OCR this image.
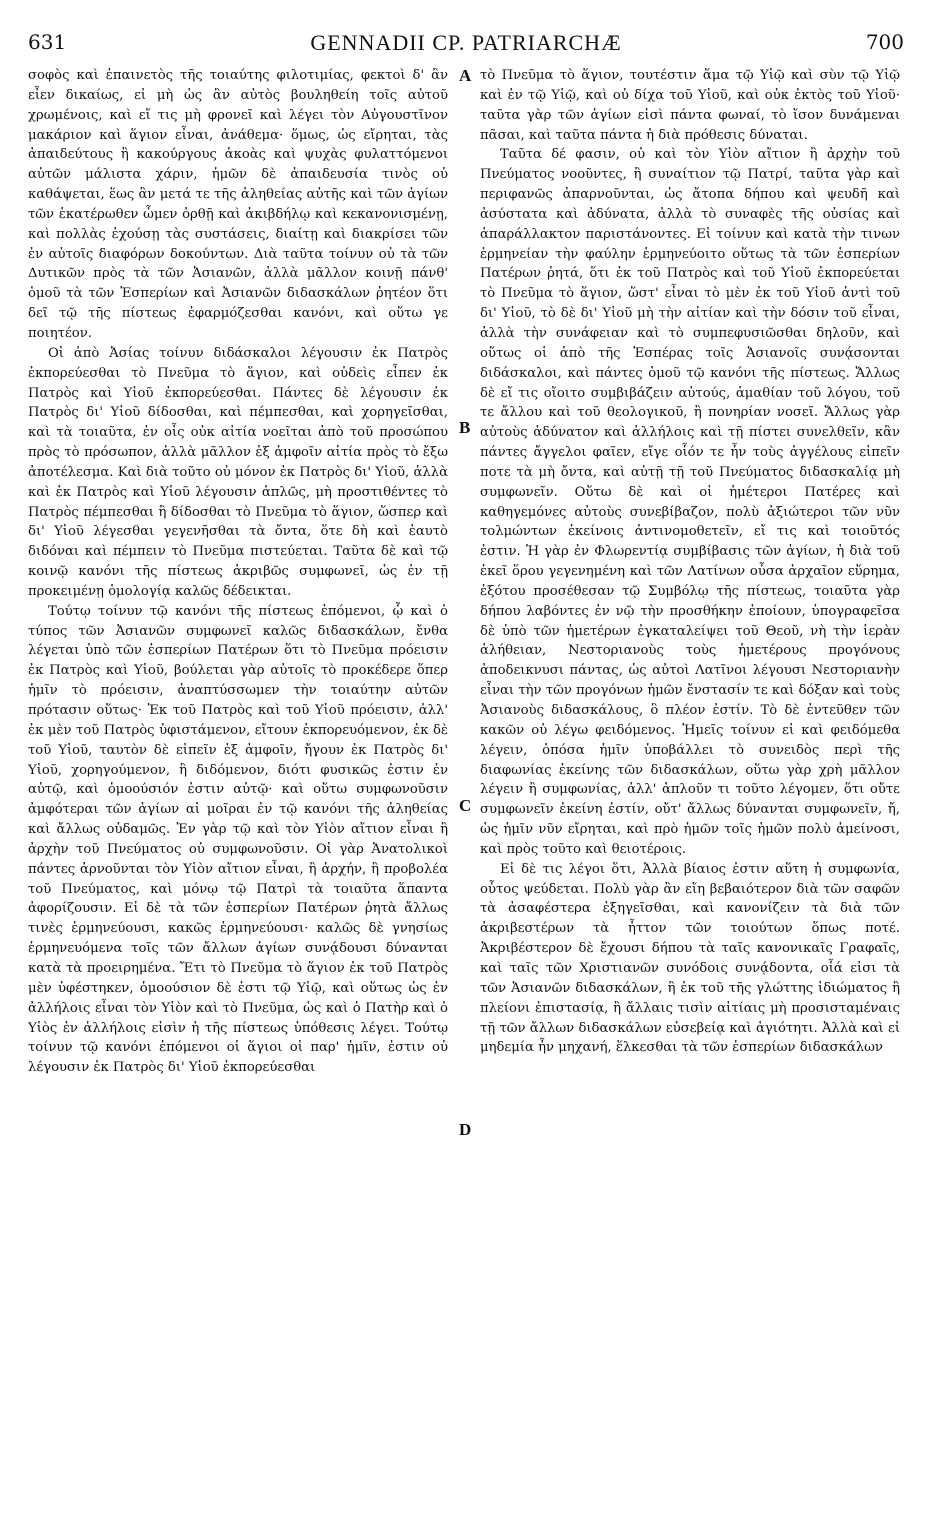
631	GENNADII CP. PATRIARCHÆ	700

σοφὸς καὶ ἐπαινετὸς τῆς τοιαύτης φιλοτιμίας, φεκτοὶ δ' ἂν εἶεν δικαίως, εἰ μὴ ὡς ἂν αὐτὸς βουληθείη τοῖς αὐτοῦ χρωμένοις, καὶ εἴ τις μὴ φρονεῖ καὶ λέγει τὸν Αὐγουστῖνον μακάριον καὶ ἅγιον εἶναι, ἀνάθεμα· ὅμως, ὡς εἴρηται, τὰς ἀπαιδεύτους ἢ κακούργους ἀκοὰς καὶ ψυχὰς φυλαττόμενοι αὐτῶν μάλιστα χάριν, ἡμῶν δὲ ἀπαιδευσία τινὸς οὐ καθάψεται, ἕως ἂν μετά τε τῆς ἀληθείας αὐτῆς καὶ τῶν ἁγίων τῶν ἑκατέρωθεν ὦμεν ὀρθῇ καὶ ἀκιβδήλῳ καὶ κεκανονισμένῃ, καὶ πολλὰς ἐχούσῃ τὰς συστάσεις, διαίτῃ καὶ διακρίσει τῶν ἐν αὐτοῖς διαφόρων δοκούντων. Διὰ ταῦτα τοίνυν οὐ τὰ τῶν Δυτικῶν πρὸς τὰ τῶν Ἀσιανῶν, ἀλλὰ μᾶλλον κοινῇ πάνθ' ὁμοῦ τὰ τῶν Ἑσπερίων καὶ Ἀσιανῶν διδασκάλων ῥητέον ὅτι δεῖ τῷ τῆς πίστεως ἐφαρμόζεσθαι κανόνι, καὶ οὕτω γε ποιητέον.

Οἱ ἀπὸ Ἀσίας τοίνυν διδάσκαλοι λέγουσιν ἐκ Πατρὸς ἐκπορεύεσθαι τὸ Πνεῦμα τὸ ἅγιον, καὶ οὐδεὶς εἶπεν ἐκ Πατρὸς καὶ Υἱοῦ ἐκπορεύεσθαι. Πάντες δὲ λέγουσιν ἐκ Πατρὸς δι' Υἱοῦ δίδοσθαι, καὶ πέμπεσθαι, καὶ χορηγεῖσθαι, καὶ τὰ τοιαῦτα, ἐν οἷς οὐκ αἰτία νοεῖται ἀπὸ τοῦ προσώπου πρὸς τὸ πρόσωπον, ἀλλὰ μᾶλλον ἐξ ἀμφοῖν αἰτία πρὸς τὸ ἔξω ἀποτέλεσμα. Καὶ διὰ τοῦτο οὐ μόνον ἐκ Πατρὸς δι' Υἱοῦ, ἀλλὰ καὶ ἐκ Πατρὸς καὶ Υἱοῦ λέγουσιν ἁπλῶς, μὴ προστιθέντες τὸ Πατρὸς πέμπεσθαι ἢ δίδοσθαι τὸ Πνεῦμα τὸ ἅγιον, ὥσπερ καὶ δι' Υἱοῦ λέγεσθαι γεγενῆσθαι τὰ ὄντα, ὅτε δὴ καὶ ἑαυτὸ διδόναι καὶ πέμπειν τὸ Πνεῦμα πιστεύεται. Ταῦτα δὲ καὶ τῷ κοινῷ κανόνι τῆς πίστεως ἀκριβῶς συμφωνεῖ, ὡς ἐν τῇ προκειμένῃ ὁμολογίᾳ καλῶς δέδεικται.

Τούτῳ τοίνυν τῷ κανόνι τῆς πίστεως ἑπόμενοι, ᾧ καὶ ὁ τύπος τῶν Ἀσιανῶν συμφωνεῖ καλῶς διδασκάλων, ἔνθα λέγεται ὑπὸ τῶν ἑσπερίων Πατέρων ὅτι τὸ Πνεῦμα πρόεισιν ἐκ Πατρὸς καὶ Υἱοῦ, βούλεται γὰρ αὐτοῖς τὸ προκέδερε ὅπερ ἡμῖν τὸ πρόεισιν, ἀναπτύσσωμεν τὴν τοιαύτην αὐτῶν πρότασιν οὕτως· Ἐκ τοῦ Πατρὸς καὶ τοῦ Υἱοῦ πρόεισιν, ἀλλ' ἐκ μὲν τοῦ Πατρὸς ὑφιστάμενον, εἴτουν ἐκπορευόμενον, ἐκ δὲ τοῦ Υἱοῦ, ταυτὸν δὲ εἰπεῖν ἐξ ἀμφοῖν, ἤγουν ἐκ Πατρὸς δι' Υἱοῦ, χορηγούμενον, ἢ διδόμενον, διότι φυσικῶς ἐστιν ἐν αὐτῷ, καὶ ὁμοούσιόν ἐστιν αὐτῷ· καὶ οὕτω συμφωνοῦσιν ἀμφότεραι τῶν ἁγίων αἱ μοῖραι ἐν τῷ κανόνι τῆς ἀληθείας καὶ ἄλλως οὐδαμῶς. Ἐν γὰρ τῷ καὶ τὸν Υἱὸν αἴτιον εἶναι ἢ ἀρχὴν τοῦ Πνεύματος οὐ συμφωνοῦσιν. Οἱ γὰρ Ἀνατολικοὶ πάντες ἀρνοῦνται τὸν Υἱὸν αἴτιον εἶναι, ἢ ἀρχήν, ἢ προβολέα τοῦ Πνεύματος, καὶ μόνῳ τῷ Πατρὶ τὰ τοιαῦτα ἅπαντα ἀφορίζουσιν. Εἰ δὲ τὰ τῶν ἑσπερίων Πατέρων ῥητὰ ἄλλως τινὲς ἑρμηνεύουσι, κακῶς ἑρμηνεύουσι· καλῶς δὲ γνησίως ἑρμηνευόμενα τοῖς τῶν ἄλλων ἁγίων συνᾴδουσι δύνανται κατὰ τὰ προειρημένα. Ἔτι τὸ Πνεῦμα τὸ ἅγιον ἐκ τοῦ Πατρὸς μὲν ὑφέστηκεν, ὁμοούσιον δὲ ἐστι τῷ Υἱῷ, καὶ οὕτως ὡς ἐν ἀλλήλοις εἶναι τὸν Υἱὸν καὶ τὸ Πνεῦμα, ὡς καὶ ὁ Πατὴρ καὶ ὁ Υἱὸς ἐν ἀλλήλοις εἰσὶν ἡ τῆς πίστεως ὑπόθεσις λέγει. Τούτῳ τοίνυν τῷ κανόνι ἑπόμενοι οἱ ἅγιοι οἱ παρ' ἡμῖν, ἐστιν οὐ λέγουσιν ἐκ Πατρὸς δι' Υἱοῦ ἐκπορεύεσθαι

A
B
C
D

τὸ Πνεῦμα τὸ ἅγιον, τουτέστιν ἅμα τῷ Υἱῷ καὶ σὺν τῷ Υἱῷ καὶ ἐν τῷ Υἱῷ, καὶ οὐ δίχα τοῦ Υἱοῦ, καὶ οὐκ ἐκτὸς τοῦ Υἱοῦ· ταῦτα γὰρ τῶν ἁγίων εἰσὶ πάντα φωναί, τὸ ἴσον δυνάμεναι πᾶσαι, καὶ ταῦτα πάντα ἡ διὰ πρόθεσις δύναται.

Ταῦτα δέ φασιν, οὐ καὶ τὸν Υἱὸν αἴτιον ἢ ἀρχὴν τοῦ Πνεύματος νοοῦντες, ἢ συναίτιον τῷ Πατρί, ταῦτα γὰρ καὶ περιφανῶς ἀπαρνοῦνται, ὡς ἄτοπα δήπου καὶ ψευδῆ καὶ ἀσύστατα καὶ ἀδύνατα, ἀλλὰ τὸ συναφὲς τῆς οὐσίας καὶ ἀπαράλλακτον παριστάνοντες. Εἰ τοίνυν καὶ κατὰ τὴν τινων ἑρμηνείαν τὴν φαύλην ἑρμηνεύοιτο οὕτως τὰ τῶν ἑσπερίων Πατέρων ῥητά, ὅτι ἐκ τοῦ Πατρὸς καὶ τοῦ Υἱοῦ ἐκπορεύεται τὸ Πνεῦμα τὸ ἅγιον, ὥστ' εἶναι τὸ μὲν ἐκ τοῦ Υἱοῦ ἀντὶ τοῦ δι' Υἱοῦ, τὸ δὲ δι' Υἱοῦ μὴ τὴν αἰτίαν καὶ τὴν δόσιν τοῦ εἶναι, ἀλλὰ τὴν συνάφειαν καὶ τὸ συμπεφυσιῶσθαι δηλοῦν, καὶ οὕτως οἱ ἀπὸ τῆς Ἑσπέρας τοῖς Ἀσιανοῖς συνᾴσονται διδάσκαλοι, καὶ πάντες ὁμοῦ τῷ κανόνι τῆς πίστεως. Ἄλλως δὲ εἴ τις οἴοιτο συμβιβάζειν αὐτούς, ἀμαθίαν τοῦ λόγου, τοῦ τε ἄλλου καὶ τοῦ θεολογικοῦ, ἢ πονηρίαν νοσεῖ. Ἄλλως γὰρ αὐτοὺς ἀδύνατον καὶ ἀλλήλοις καὶ τῇ πίστει συνελθεῖν, κἂν πάντες ἄγγελοι φαῖεν, εἴγε οἷόν τε ἦν τοὺς ἀγγέλους εἰπεῖν ποτε τὰ μὴ ὄντα, καὶ αὐτῇ τῇ τοῦ Πνεύματος διδασκαλίᾳ μὴ συμφωνεῖν. Οὕτω δὲ καὶ οἱ ἡμέτεροι Πατέρες καὶ καθηγεμόνες αὐτοὺς συνεβίβαζον, πολὺ ἀξιώτεροι τῶν νῦν τολμώντων ἐκείνοις ἀντινομοθετεῖν, εἴ τις καὶ τοιοῦτός ἐστιν. Ἡ γὰρ ἐν Φλωρεντίᾳ συμβίβασις τῶν ἁγίων, ἡ διὰ τοῦ ἐκεῖ ὅρου γεγενημένη καὶ τῶν Λατίνων οὖσα ἀρχαῖον εὕρημα, ἐξότου προσέθεσαν τῷ Συμβόλῳ τῆς πίστεως, τοιαῦτα γὰρ δήπου λαβόντες ἐν νῷ τὴν προσθήκην ἐποίουν, ὑπογραφεῖσα δὲ ὑπὸ τῶν ἡμετέρων ἐγκαταλείψει τοῦ Θεοῦ, νὴ τὴν ἱερὰν ἀλήθειαν, Νεστοριανοὺς τοὺς ἡμετέρους προγόνους ἀποδεικνυσι πάντας, ὡς αὐτοὶ Λατῖνοι λέγουσι Νεστοριανὴν εἶναι τὴν τῶν προγόνων ἡμῶν ἔνστασίν τε καὶ δόξαν καὶ τοὺς Ἀσιανοὺς διδασκάλους, ὃ πλέον ἐστίν. Τὸ δὲ ἐντεῦθεν τῶν κακῶν οὐ λέγω φειδόμενος. Ἡμεῖς τοίνυν εἰ καὶ φειδόμεθα λέγειν, ὁπόσα ἡμῖν ὑποβάλλει τὸ συνειδὸς περὶ τῆς διαφωνίας ἐκείνης τῶν διδασκάλων, οὕτω γὰρ χρὴ μᾶλλον λέγειν ἢ συμφωνίας, ἀλλ' ἁπλοῦν τι τοῦτο λέγομεν, ὅτι οὔτε συμφωνεῖν ἐκείνη ἐστίν, οὔτ' ἄλλως δύνανται συμφωνεῖν, ἤ, ὡς ἡμῖν νῦν εἴρηται, καὶ πρὸ ἡμῶν τοῖς ἡμῶν πολὺ ἀμείνοσι, καὶ πρὸς τοῦτο καὶ θειοτέροις.

Εἰ δὲ τις λέγοι ὅτι, Ἀλλὰ βίαιος ἐστιν αὕτη ἡ συμφωνία, οὗτος ψεύδεται. Πολὺ γὰρ ἂν εἴη βεβαιότερον διὰ τῶν σαφῶν τὰ ἀσαφέστερα ἐξηγεῖσθαι, καὶ κανονίζειν τὰ διὰ τῶν ἀκριβεστέρων τὰ ἧττον τῶν τοιούτων ὅπως ποτέ. Ἀκριβέστερον δὲ ἔχουσι δήπου τὰ ταῖς κανονικαῖς Γραφαῖς, καὶ ταῖς τῶν Χριστιανῶν συνόδοις συνᾴδοντα, οἷά εἰσι τὰ τῶν Ἀσιανῶν διδασκάλων, ἢ ἐκ τοῦ τῆς γλώττης ἰδιώματος ἢ πλείονι ἐπιστασίᾳ, ἢ ἄλλαις τισὶν αἰτίαις μὴ προσισταμέναις τῇ τῶν ἄλλων διδασκάλων εὐσεβείᾳ καὶ ἁγιότητι. Ἀλλὰ καὶ εἰ μηδεμία ἦν μηχανή, ἕλκεσθαι τὰ τῶν ἑσπερίων διδασκάλων
